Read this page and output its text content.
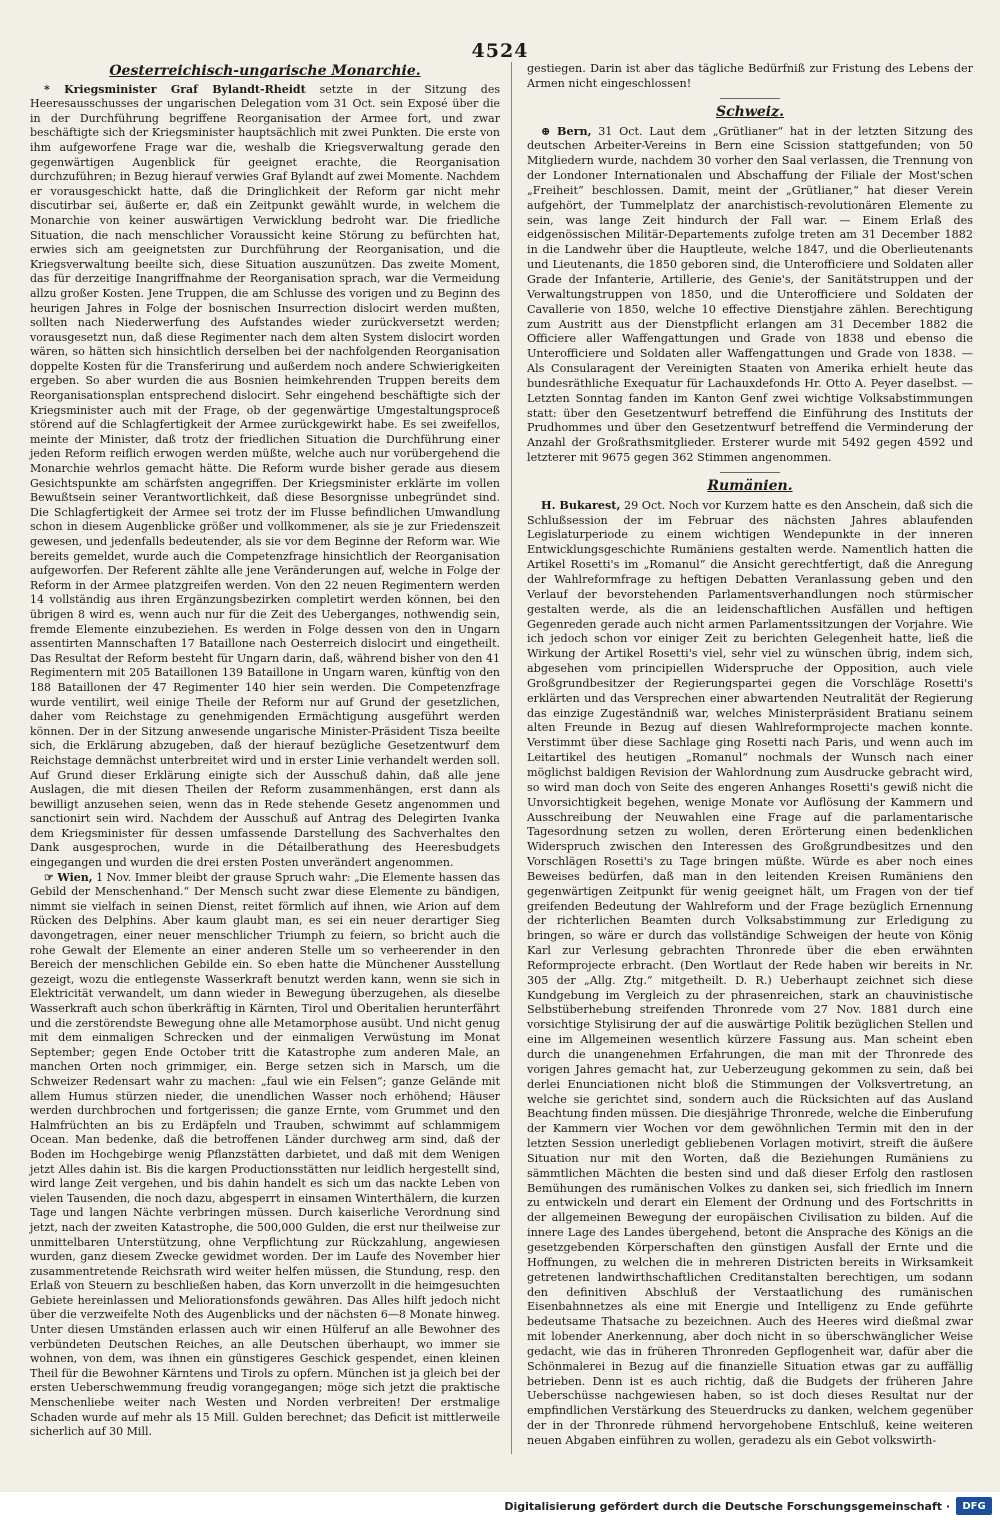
4524
Oesterreichisch-ungarische Monarchie.

* Kriegsminister Graf Bylandt-Rheidt setzte in der Sitzung des Heeresausschusses der ungarischen Delegation vom 31 Oct. sein Exposé über die in der Durchführung begriffene Reorganisation der Armee fort, und zwar beschäftigte sich der Kriegsminister hauptsächlich mit zwei Punkten. Die erste von ihm aufgeworfene Frage war die, weshalb die Kriegsverwaltung gerade den gegenwärtigen Augenblick für geeignet erachte, die Reorganisation durchzuführen; in Bezug hierauf verwies Graf Bylandt auf zwei Momente. Nachdem er vorausgeschickt hatte, daß die Dringlichkeit der Reform gar nicht mehr discutirbar sei, äußerte er, daß ein Zeitpunkt gewählt wurde, in welchem die Monarchie von keiner auswärtigen Verwicklung bedroht war. Die friedliche Situation, die nach menschlicher Voraussicht keine Störung zu befürchten hat, erwies sich am geeignetsten zur Durchführung der Reorganisation, und die Kriegsverwaltung beeilte sich, diese Situation auszunützen. Das zweite Moment, das für derzeitige Inangriffnahme der Reorganisation sprach, war die Vermeidung allzu großer Kosten. Jene Truppen, die am Schlusse des vorigen und zu Beginn des heurigen Jahres in Folge der bosnischen Insurrection dislocirt werden mußten, sollten nach Niederwerfung des Aufstandes wieder zurückversetzt werden; vorausgesetzt nun, daß diese Regimenter nach dem alten System dislocirt worden wären, so hätten sich hinsichtlich derselben bei der nachfolgenden Reorganisation doppelte Kosten für die Transferirung und außerdem noch andere Schwierigkeiten ergeben. So aber wurden die aus Bosnien heimkehrenden Truppen bereits dem Reorganisationsplan entsprechend dislocirt. Sehr eingehend beschäftigte sich der Kriegsminister auch mit der Frage, ob der gegenwärtige Umgestaltungsproceß störend auf die Schlagfertigkeit der Armee zurückgewirkt habe. Es sei zweifellos, meinte der Minister, daß trotz der friedlichen Situation die Durchführung einer jeden Reform reiflich erwogen werden müßte, welche auch nur vorübergehend die Monarchie wehrlos gemacht hätte. Die Reform wurde bisher gerade aus diesem Gesichtspunkte am schärfsten angegriffen. Der Kriegsminister erklärte im vollen Bewußtsein seiner Verantwortlichkeit, daß diese Besorgnisse unbegründet sind. Die Schlagfertigkeit der Armee sei trotz der im Flusse befindlichen Umwandlung schon in diesem Augenblicke größer und vollkommener, als sie je zur Friedenszeit gewesen, und jedenfalls bedeutender, als sie vor dem Beginne der Reform war. Wie bereits gemeldet, wurde auch die Competenzfrage hinsichtlich der Reorganisation aufgeworfen. Der Referent zählte alle jene Veränderungen auf, welche in Folge der Reform in der Armee platzgreifen werden. Von den 22 neuen Regimentern werden 14 vollständig aus ihren Ergänzungsbezirken completirt werden können, bei den übrigen 8 wird es, wenn auch nur für die Zeit des Ueberganges, nothwendig sein, fremde Elemente einzubeziehen. Es werden in Folge dessen von den in Ungarn assentirten Mannschaften 17 Bataillone nach Oesterreich dislocirt und eingetheilt. Das Resultat der Reform besteht für Ungarn darin, daß, während bisher von den 41 Regimentern mit 205 Bataillonen 139 Bataillone in Ungarn waren, künftig von den 188 Bataillonen der 47 Regimenter 140 hier sein werden. Die Competenzfrage wurde ventilirt, weil einige Theile der Reform nur auf Grund der gesetzlichen, daher vom Reichstage zu genehmigenden Ermächtigung ausgeführt werden können. Der in der Sitzung anwesende ungarische Minister-Präsident Tisza beeilte sich, die Erklärung abzugeben, daß der hierauf bezügliche Gesetzentwurf dem Reichstage demnächst unterbreitet wird und in erster Linie verhandelt werden soll. Auf Grund dieser Erklärung einigte sich der Ausschuß dahin, daß alle jene Auslagen, die mit diesen Theilen der Reform zusammenhängen, erst dann als bewilligt anzusehen seien, wenn das in Rede stehende Gesetz angenommen und sanctionirt sein wird. Nachdem der Ausschuß auf Antrag des Delegirten Ivanka dem Kriegsminister für dessen umfassende Darstellung des Sachverhaltes den Dank ausgesprochen, wurde in die Détailberathung des Heeresbudgets eingegangen und wurden die drei ersten Posten unverändert angenommen.

☞ Wien, 1 Nov. Immer bleibt der grause Spruch wahr: „Die Elemente hassen das Gebild der Menschenhand.“ Der Mensch sucht zwar diese Elemente zu bändigen, nimmt sie vielfach in seinen Dienst, reitet förmlich auf ihnen, wie Arion auf dem Rücken des Delphins. Aber kaum glaubt man, es sei ein neuer derartiger Sieg davongetragen, einer neuer menschlicher Triumph zu feiern, so bricht auch die rohe Gewalt der Elemente an einer anderen Stelle um so verheerender in den Bereich der menschlichen Gebilde ein. So eben hatte die Münchener Ausstellung gezeigt, wozu die entlegenste Wasserkraft benutzt werden kann, wenn sie sich in Elektricität verwandelt, um dann wieder in Bewegung überzugehen, als dieselbe Wasserkraft auch schon überkräftig in Kärnten, Tirol und Oberitalien herunterfährt und die zerstörendste Bewegung ohne alle Metamorphose ausübt. Und nicht genug mit dem einmaligen Schrecken und der einmaligen Verwüstung im Monat September; gegen Ende October tritt die Katastrophe zum anderen Male, an manchen Orten noch grimmiger, ein. Berge setzen sich in Marsch, um die Schweizer Redensart wahr zu machen: „faul wie ein Felsen“; ganze Gelände mit allem Humus stürzen nieder, die unendlichen Wasser noch erhöhend; Häuser werden durchbrochen und fortgerissen; die ganze Ernte, vom Grummet und den Halmfrüchten an bis zu Erdäpfeln und Trauben, schwimmt auf schlammigem Ocean. Man bedenke, daß die betroffenen Länder durchweg arm sind, daß der Boden im Hochgebirge wenig Pflanzstätten darbietet, und daß mit dem Wenigen jetzt Alles dahin ist. Bis die kargen Productionsstätten nur leidlich hergestellt sind, wird lange Zeit vergehen, und bis dahin handelt es sich um das nackte Leben von vielen Tausenden, die noch dazu, abgesperrt in einsamen Winterthälern, die kurzen Tage und langen Nächte verbringen müssen. Durch kaiserliche Verordnung sind jetzt, nach der zweiten Katastrophe, die 500,000 Gulden, die erst nur theilweise zur unmittelbaren Unterstützung, ohne Verpflichtung zur Rückzahlung, angewiesen wurden, ganz diesem Zwecke gewidmet worden. Der im Laufe des November hier zusammentretende Reichsrath wird weiter helfen müssen, die Stundung, resp. den Erlaß von Steuern zu beschließen haben, das Korn unverzollt in die heimgesuchten Gebiete hereinlassen und Meliorationsfonds gewähren. Das Alles hilft jedoch nicht über die verzweifelte Noth des Augenblicks und der nächsten 6—8 Monate hinweg. Unter diesen Umständen erlassen auch wir einen Hülferuf an alle Bewohner des verbündeten Deutschen Reiches, an alle Deutschen überhaupt, wo immer sie wohnen, von dem, was ihnen ein günstigeres Geschick gespendet, einen kleinen Theil für die Bewohner Kärntens und Tirols zu opfern. München ist ja gleich bei der ersten Ueberschwemmung freudig vorangegangen; möge sich jetzt die praktische Menschenliebe weiter nach Westen und Norden verbreiten! Der erstmalige Schaden wurde auf mehr als 15 Mill. Gulden berechnet; das Deficit ist mittlerweile sicherlich auf 30 Mill.

gestiegen. Darin ist aber das tägliche Bedürfniß zur Fristung des Lebens der Armen nicht eingeschlossen!

Schweiz.

⊕ Bern, 31 Oct. Laut dem „Grütlianer“ hat in der letzten Sitzung des deutschen Arbeiter-Vereins in Bern eine Scission stattgefunden; von 50 Mitgliedern wurde, nachdem 30 vorher den Saal verlassen, die Trennung von der Londoner Internationalen und Abschaffung der Filiale der Most'schen „Freiheit“ beschlossen. Damit, meint der „Grütlianer,“ hat dieser Verein aufgehört, der Tummelplatz der anarchistisch-revolutionären Elemente zu sein, was lange Zeit hindurch der Fall war. — Einem Erlaß des eidgenössischen Militär-Departements zufolge treten am 31 December 1882 in die Landwehr über die Hauptleute, welche 1847, und die Oberlieutenants und Lieutenants, die 1850 geboren sind, die Unterofficiere und Soldaten aller Grade der Infanterie, Artillerie, des Genie's, der Sanitätstruppen und der Verwaltungstruppen von 1850, und die Unterofficiere und Soldaten der Cavallerie von 1850, welche 10 effective Dienstjahre zählen. Berechtigung zum Austritt aus der Dienstpflicht erlangen am 31 December 1882 die Officiere aller Waffengattungen und Grade von 1838 und ebenso die Unterofficiere und Soldaten aller Waffengattungen und Grade von 1838. — Als Consularagent der Vereinigten Staaten von Amerika erhielt heute das bundesräthliche Exequatur für Lachauxdefonds Hr. Otto A. Peyer daselbst. — Letzten Sonntag fanden im Kanton Genf zwei wichtige Volksabstimmungen statt: über den Gesetzentwurf betreffend die Einführung des Instituts der Prudhommes und über den Gesetzentwurf betreffend die Verminderung der Anzahl der Großrathsmitglieder. Ersterer wurde mit 5492 gegen 4592 und letzterer mit 9675 gegen 362 Stimmen angenommen.

Rumänien.

H. Bukarest, 29 Oct. Noch vor Kurzem hatte es den Anschein, daß sich die Schlußsession der im Februar des nächsten Jahres ablaufenden Legislaturperiode zu einem wichtigen Wendepunkte in der inneren Entwicklungsgeschichte Rumäniens gestalten werde. Namentlich hatten die Artikel Rosetti's im „Romanul“ die Ansicht gerechtfertigt, daß die Anregung der Wahlreformfrage zu heftigen Debatten Veranlassung geben und den Verlauf der bevorstehenden Parlamentsverhandlungen noch stürmischer gestalten werde, als die an leidenschaftlichen Ausfällen und heftigen Gegenreden gerade auch nicht armen Parlamentssitzungen der Vorjahre. Wie ich jedoch schon vor einiger Zeit zu berichten Gelegenheit hatte, ließ die Wirkung der Artikel Rosetti's viel, sehr viel zu wünschen übrig, indem sich, abgesehen vom principiellen Widerspruche der Opposition, auch viele Großgrundbesitzer der Regierungspartei gegen die Vorschläge Rosetti's erklärten und das Versprechen einer abwartenden Neutralität der Regierung das einzige Zugeständniß war, welches Ministerpräsident Bratianu seinem alten Freunde in Bezug auf diesen Wahlreformprojecte machen konnte. Verstimmt über diese Sachlage ging Rosetti nach Paris, und wenn auch im Leitartikel des heutigen „Romanul“ nochmals der Wunsch nach einer möglichst baldigen Revision der Wahlordnung zum Ausdrucke gebracht wird, so wird man doch von Seite des engeren Anhanges Rosetti's gewiß nicht die Unvorsichtigkeit begehen, wenige Monate vor Auflösung der Kammern und Ausschreibung der Neuwahlen eine Frage auf die parlamentarische Tagesordnung setzen zu wollen, deren Erörterung einen bedenklichen Widerspruch zwischen den Interessen des Großgrundbesitzes und den Vorschlägen Rosetti's zu Tage bringen müßte. Würde es aber noch eines Beweises bedürfen, daß man in den leitenden Kreisen Rumäniens den gegenwärtigen Zeitpunkt für wenig geeignet hält, um Fragen von der tief greifenden Bedeutung der Wahlreform und der Frage bezüglich Ernennung der richterlichen Beamten durch Volksabstimmung zur Erledigung zu bringen, so wäre er durch das vollständige Schweigen der heute von König Karl zur Verlesung gebrachten Thronrede über die eben erwähnten Reformprojecte erbracht. (Den Wortlaut der Rede haben wir bereits in Nr. 305 der „Allg. Ztg.“ mitgetheilt. D. R.) Ueberhaupt zeichnet sich diese Kundgebung im Vergleich zu der phrasenreichen, stark an chauvinistische Selbstüberhebung streifenden Thronrede vom 27 Nov. 1881 durch eine vorsichtige Stylisirung der auf die auswärtige Politik bezüglichen Stellen und eine im Allgemeinen wesentlich kürzere Fassung aus. Man scheint eben durch die unangenehmen Erfahrungen, die man mit der Thronrede des vorigen Jahres gemacht hat, zur Ueberzeugung gekommen zu sein, daß bei derlei Enunciationen nicht bloß die Stimmungen der Volksvertretung, an welche sie gerichtet sind, sondern auch die Rücksichten auf das Ausland Beachtung finden müssen. Die diesjährige Thronrede, welche die Einberufung der Kammern vier Wochen vor dem gewöhnlichen Termin mit den in der letzten Session unerledigt gebliebenen Vorlagen motivirt, streift die äußere Situation nur mit den Worten, daß die Beziehungen Rumäniens zu sämmtlichen Mächten die besten sind und daß dieser Erfolg den rastlosen Bemühungen des rumänischen Volkes zu danken sei, sich friedlich im Innern zu entwickeln und derart ein Element der Ordnung und des Fortschritts in der allgemeinen Bewegung der europäischen Civilisation zu bilden. Auf die innere Lage des Landes übergehend, betont die Ansprache des Königs an die gesetzgebenden Körperschaften den günstigen Ausfall der Ernte und die Hoffnungen, zu welchen die in mehreren Districten bereits in Wirksamkeit getretenen landwirthschaftlichen Creditanstalten berechtigen, um sodann den definitiven Abschluß der Verstaatlichung des rumänischen Eisenbahnnetzes als eine mit Energie und Intelligenz zu Ende geführte bedeutsame Thatsache zu bezeichnen. Auch des Heeres wird dießmal zwar mit lobender Anerkennung, aber doch nicht in so überschwänglicher Weise gedacht, wie das in früheren Thronreden Gepflogenheit war, dafür aber die Schönmalerei in Bezug auf die finanzielle Situation etwas gar zu auffällig betrieben. Denn ist es auch richtig, daß die Budgets der früheren Jahre Ueberschüsse nachgewiesen haben, so ist doch dieses Resultat nur der empfindlichen Verstärkung des Steuerdrucks zu danken, welchem gegenüber der in der Thronrede rühmend hervorgehobene Entschluß, keine weiteren neuen Abgaben einführen zu wollen, geradezu als ein Gebot volkswirth-

Digitalisierung gefördert durch die Deutsche Forschungsgemeinschaft ·	DFG
